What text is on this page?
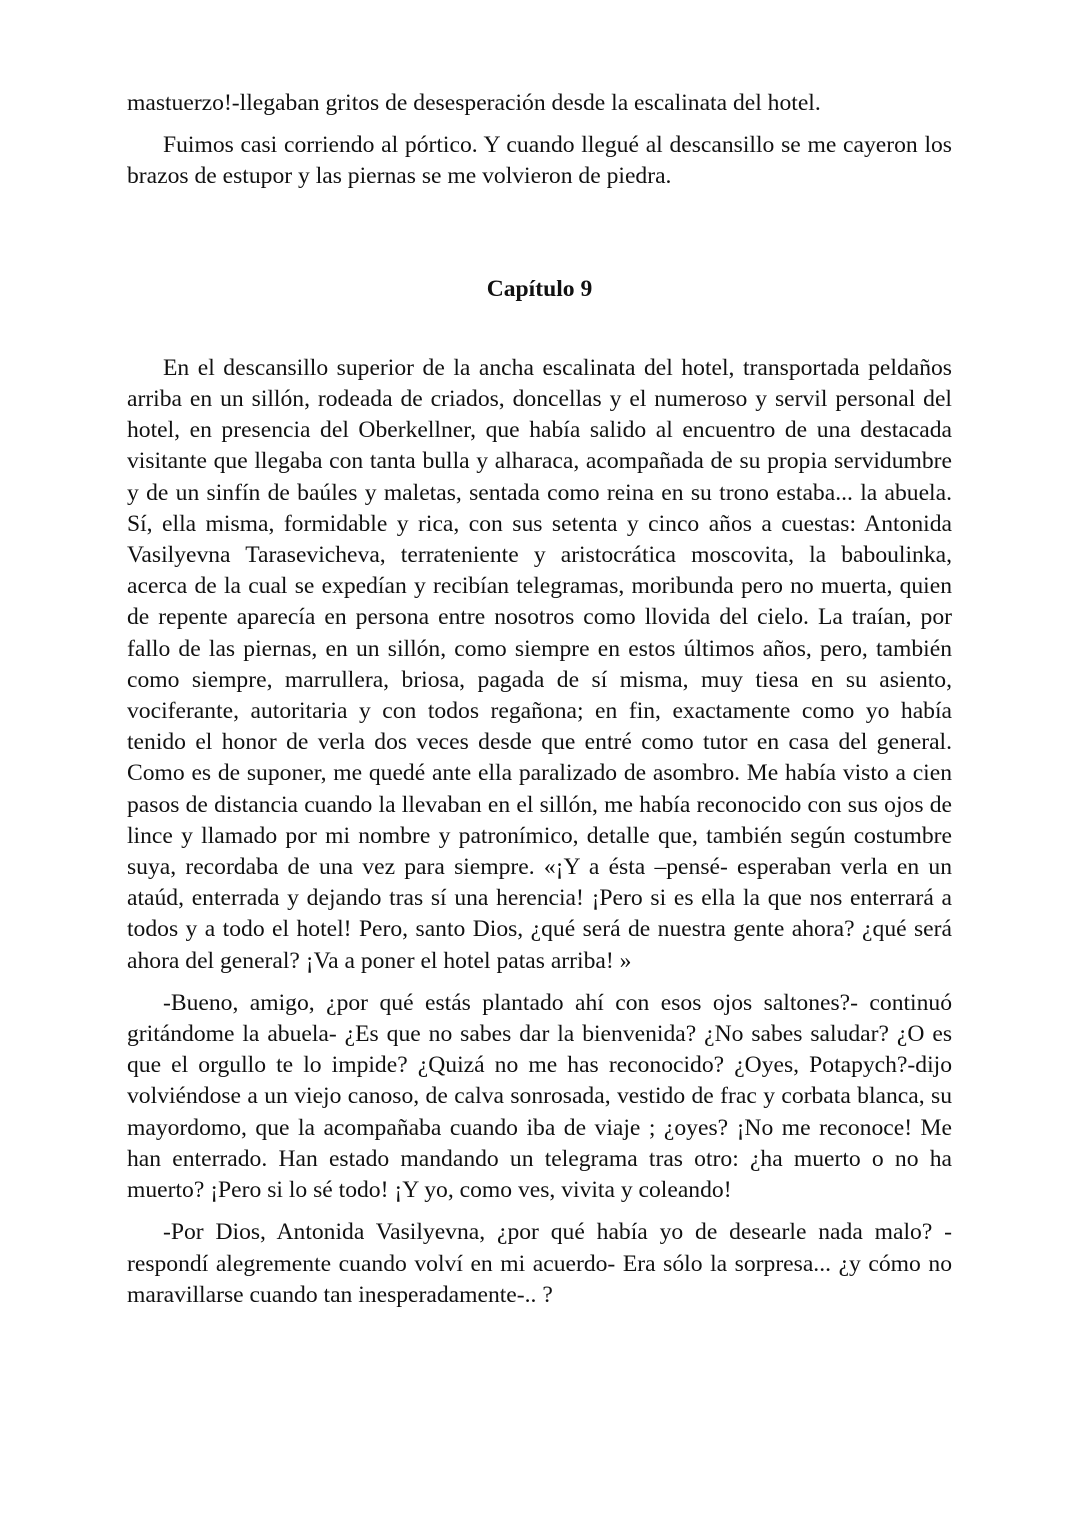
mastuerzo!-llegaban gritos de desesperación desde la escalinata del hotel.

Fuimos casi corriendo al pórtico. Y cuando llegué al descansillo se me cayeron los brazos de estupor y las piernas se me volvieron de piedra.

Capítulo 9

En el descansillo superior de la ancha escalinata del hotel, transportada peldaños arriba en un sillón, rodeada de criados, doncellas y el numeroso y servil personal del hotel, en presencia del Oberkellner, que había salido al encuentro de una destacada visitante que llegaba con tanta bulla y alharaca, acompañada de su propia servidumbre y de un sinfín de baúles y maletas, sentada como reina en su trono estaba... la abuela. Sí, ella misma, formidable y rica, con sus setenta y cinco años a cuestas: Antonida Vasilyevna Tarasevicheva, terrateniente y aristocrática moscovita, la baboulinka, acerca de la cual se expedían y recibían telegramas, moribunda pero no muerta, quien de repente aparecía en persona entre nosotros como llovida del cielo. La traían, por fallo de las piernas, en un sillón, como siempre en estos últimos años, pero, también como siempre, marrullera, briosa, pagada de sí misma, muy tiesa en su asiento, vociferante, autoritaria y con todos regañona; en fin, exactamente como yo había tenido el honor de verla dos veces desde que entré como tutor en casa del general. Como es de suponer, me quedé ante ella paralizado de asombro. Me había visto a cien pasos de distancia cuando la llevaban en el sillón, me había reconocido con sus ojos de lince y llamado por mi nombre y patronímico, detalle que, también según costumbre suya, recordaba de una vez para siempre. «¡Y a ésta –pensé- esperaban verla en un ataúd, enterrada y dejando tras sí una herencia! ¡Pero si es ella la que nos enterrará a todos y a todo el hotel! Pero, santo Dios, ¿qué será de nuestra gente ahora? ¿qué será ahora del general? ¡Va a poner el hotel patas arriba! »

-Bueno, amigo, ¿por qué estás plantado ahí con esos ojos saltones?- continuó gritándome la abuela- ¿Es que no sabes dar la bienvenida? ¿No sabes saludar? ¿O es que el orgullo te lo impide? ¿Quizá no me has reconocido? ¿Oyes, Potapych?-dijo volviéndose a un viejo canoso, de calva sonrosada, vestido de frac y corbata blanca, su mayordomo, que la acompañaba cuando iba de viaje ; ¿oyes? ¡No me reconoce! Me han enterrado. Han estado mandando un telegrama tras otro: ¿ha muerto o no ha muerto? ¡Pero si lo sé todo! ¡Y yo, como ves, vivita y coleando!

-Por Dios, Antonida Vasilyevna, ¿por qué había yo de desearle nada malo? -respondí alegremente cuando volví en mi acuerdo- Era sólo la sorpresa... ¿y cómo no maravillarse cuando tan inesperadamente-.. ?
